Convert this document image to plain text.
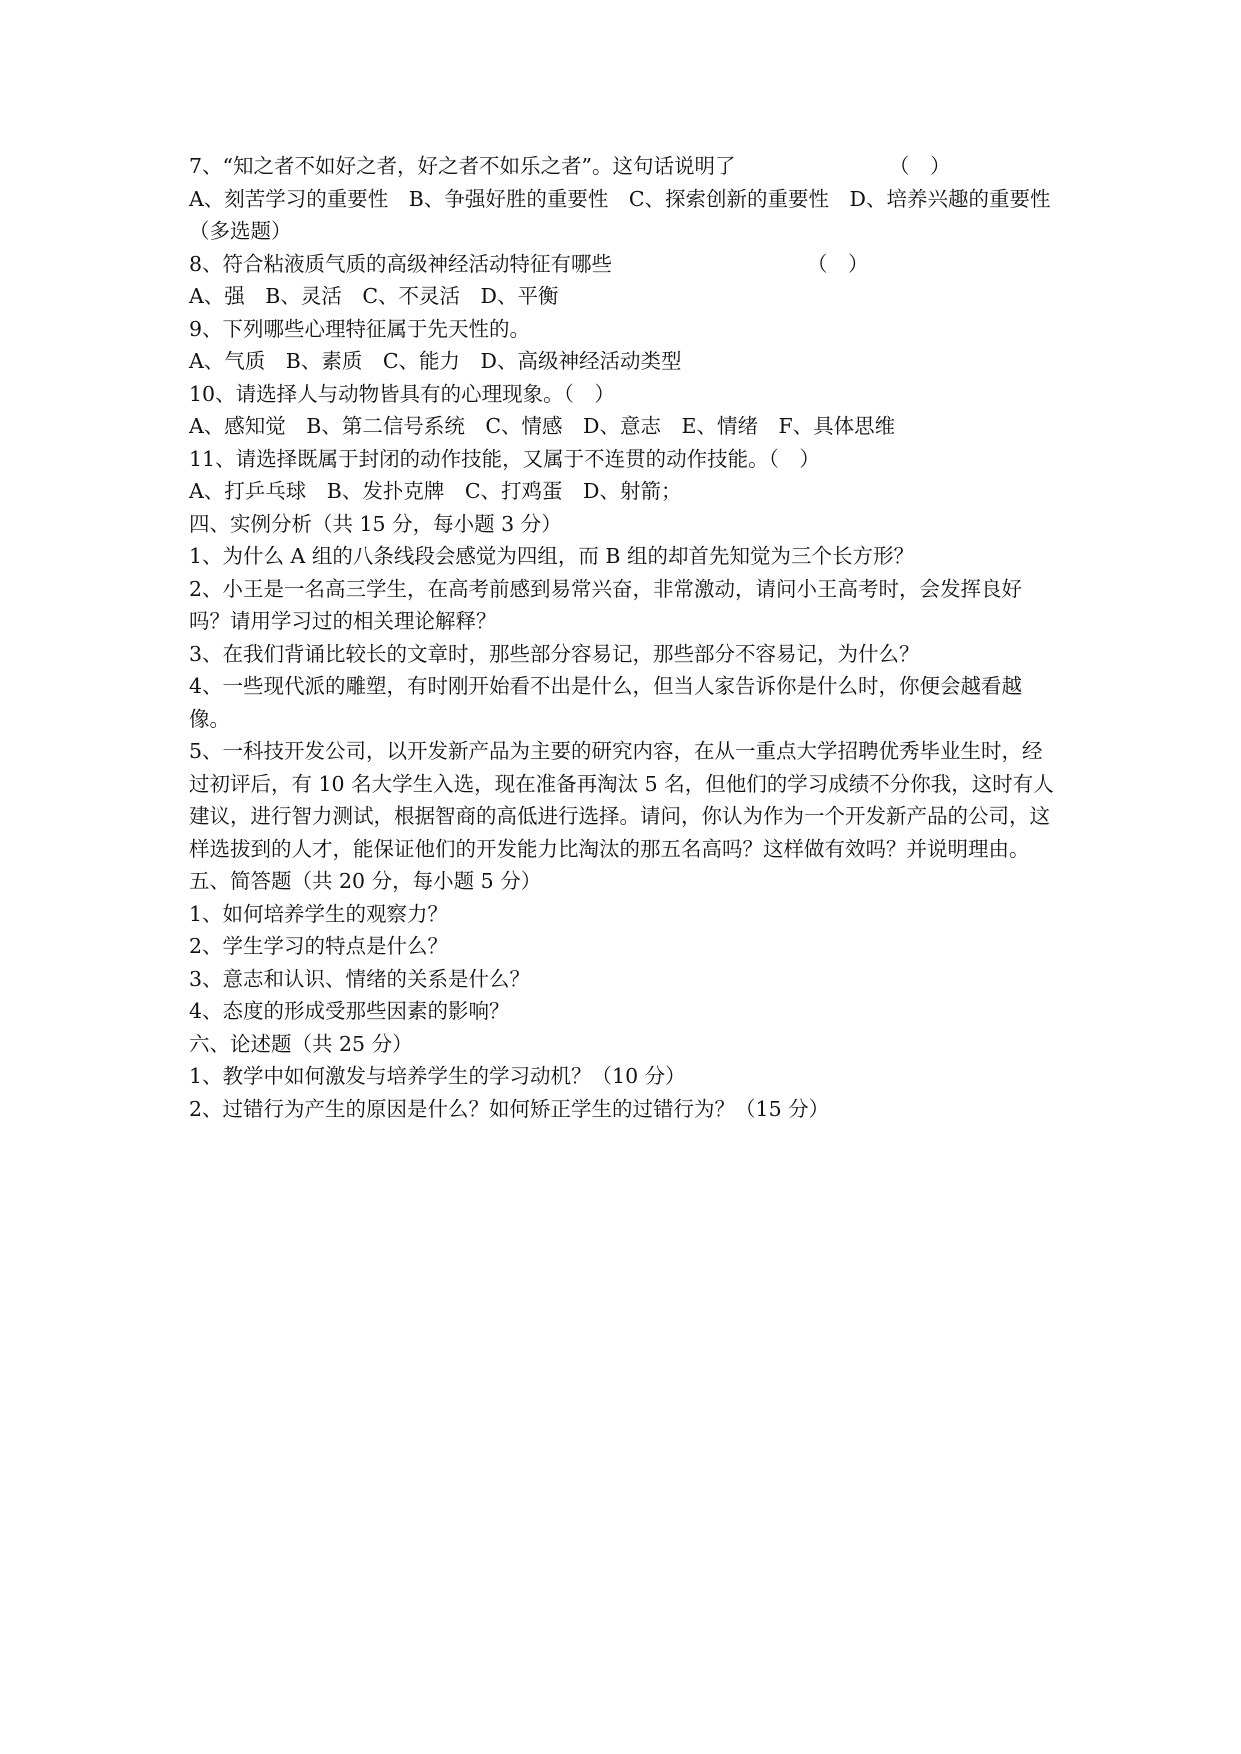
7、“知之者不如好之者，好之者不如乐之者”。这句话说明了	（　）
A、刻苦学习的重要性　B、争强好胜的重要性　C、探索创新的重要性　D、培养兴趣的重要性
（多选题）
8、符合粘液质气质的高级神经活动特征有哪些	（　）
A、强　B、灵活　C、不灵活　D、平衡
9、下列哪些心理特征属于先天性的。
A、气质　B、素质　C、能力　D、高级神经活动类型
10、请选择人与动物皆具有的心理现象。（　）
A、感知觉　B、第二信号系统　C、情感　D、意志　E、情绪　F、具体思维
11、请选择既属于封闭的动作技能，又属于不连贯的动作技能。（　）
A、打乒乓球　B、发扑克牌　C、打鸡蛋　D、射箭；
四、实例分析（共 15 分，每小题 3 分）
1、为什么 A 组的八条线段会感觉为四组，而 B 组的却首先知觉为三个长方形？
2、小王是一名高三学生，在高考前感到易常兴奋，非常激动，请问小王高考时，会发挥良好吗？请用学习过的相关理论解释？
3、在我们背诵比较长的文章时，那些部分容易记，那些部分不容易记，为什么？
4、一些现代派的雕塑，有时刚开始看不出是什么，但当人家告诉你是什么时，你便会越看越像。
5、一科技开发公司，以开发新产品为主要的研究内容，在从一重点大学招聘优秀毕业生时，经过初评后，有 10 名大学生入选，现在准备再淘汰 5 名，但他们的学习成绩不分你我，这时有人建议，进行智力测试，根据智商的高低进行选择。请问，你认为作为一个开发新产品的公司，这样选拔到的人才，能保证他们的开发能力比淘汰的那五名高吗？这样做有效吗？并说明理由。
五、简答题（共 20 分，每小题 5 分）
1、如何培养学生的观察力？
2、学生学习的特点是什么？
3、意志和认识、情绪的关系是什么？
4、态度的形成受那些因素的影响？
六、论述题（共 25 分）
1、教学中如何激发与培养学生的学习动机？（10 分）
2、过错行为产生的原因是什么？如何矫正学生的过错行为？（15 分）
